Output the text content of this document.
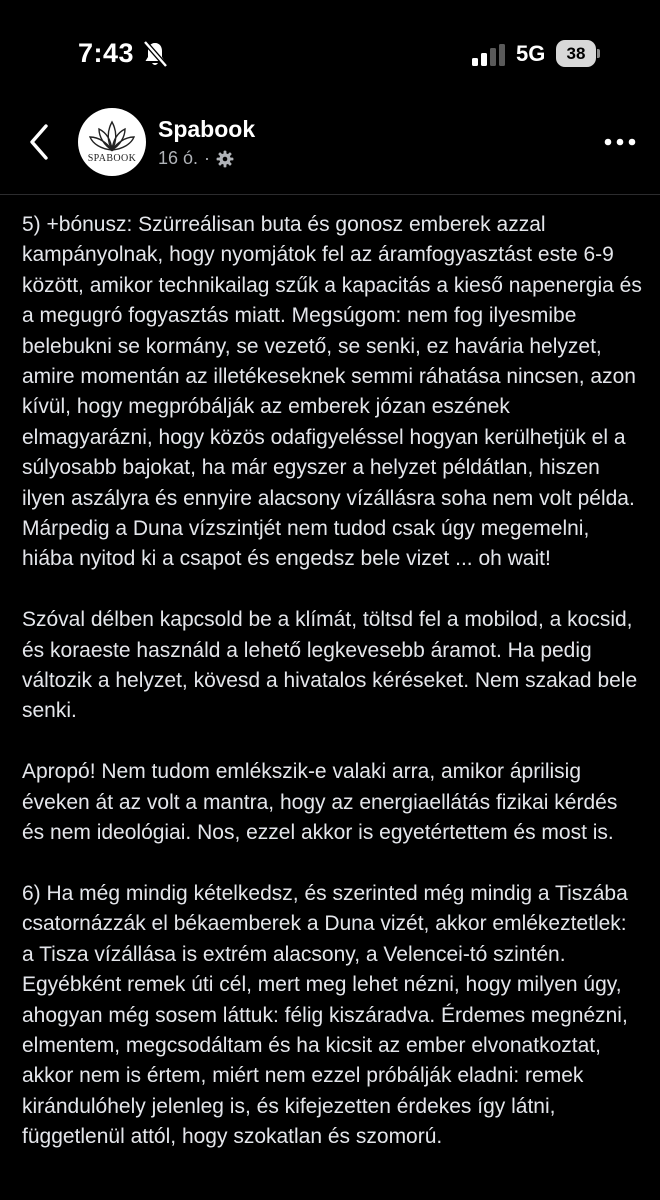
7:43	5G	38
SPABOOK
Spabook
16 ó. ·

5) +bónusz: Szürreálisan buta és gonosz emberek azzal kampányolnak, hogy nyomjátok fel az áramfogyasztást este 6-9 között, amikor technikailag szűk a kapacitás a kieső napenergia és a megugró fogyasztás miatt. Megsúgom: nem fog ilyesmibe belebukni se kormány, se vezető, se senki, ez havária helyzet, amire momentán az illetékeseknek semmi ráhatása nincsen, azon kívül, hogy megpróbálják az emberek józan eszének elmagyarázni, hogy közös odafigyeléssel hogyan kerülhetjük el a súlyosabb bajokat, ha már egyszer a helyzet példátlan, hiszen ilyen aszályra és ennyire alacsony vízállásra soha nem volt példa. Márpedig a Duna vízszintjét nem tudod csak úgy megemelni, hiába nyitod ki a csapot és engedsz bele vizet ... oh wait!

Szóval délben kapcsold be a klímát, töltsd fel a mobilod, a kocsid, és koraeste használd a lehető legkevesebb áramot. Ha pedig változik a helyzet, kövesd a hivatalos kéréseket. Nem szakad bele senki.

Apropó! Nem tudom emlékszik-e valaki arra, amikor áprilisig éveken át az volt a mantra, hogy az energiaellátás fizikai kérdés és nem ideológiai. Nos, ezzel akkor is egyetértettem és most is.

6) Ha még mindig kételkedsz, és szerinted még mindig a Tiszába csatornázzák el békaemberek a Duna vizét, akkor emlékeztetlek: a Tisza vízállása is extrém alacsony, a Velencei-tó szintén. Egyébként remek úti cél, mert meg lehet nézni, hogy milyen úgy, ahogyan még sosem láttuk: félig kiszáradva. Érdemes megnézni, elmentem, megcsodáltam és ha kicsit az ember elvonatkoztat, akkor nem is értem, miért nem ezzel próbálják eladni: remek kirándulóhely jelenleg is, és kifejezetten érdekes így látni, függetlenül attól, hogy szokatlan és szomorú.
